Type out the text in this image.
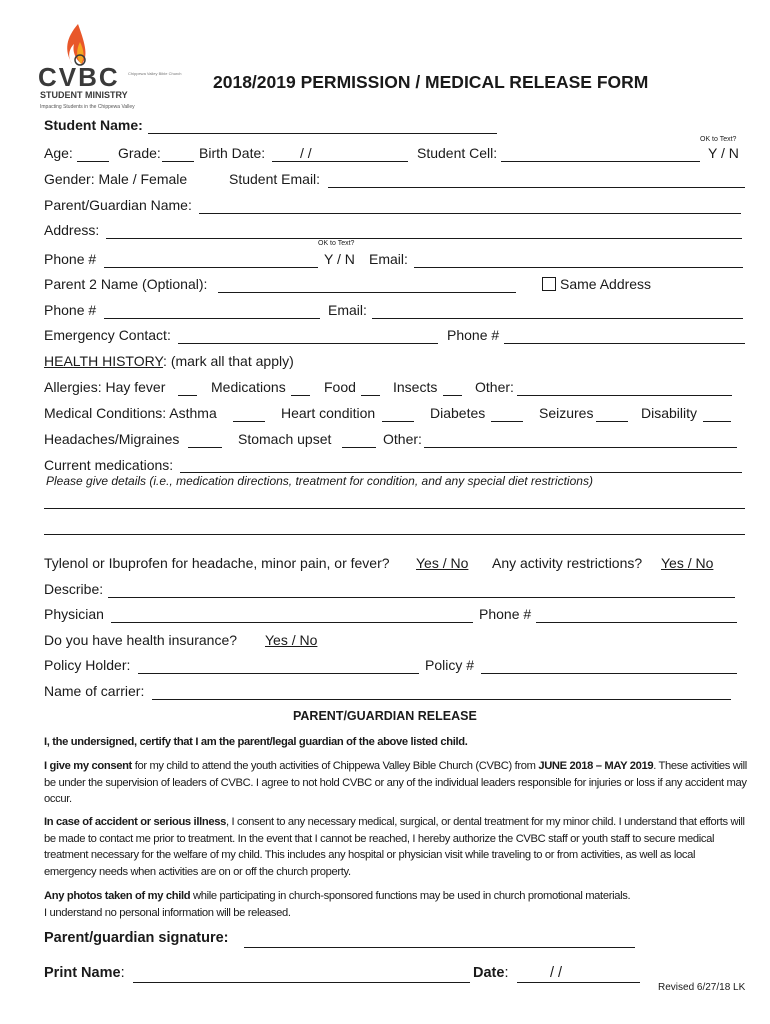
CVBC Chippewa Valley Bible Church
STUDENT MINISTRY
Impacting Students in the Chippewa Valley
2018/2019 PERMISSION / MEDICAL RELEASE FORM
Student Name:
OK to Text?
Age:	Grade:	Birth Date: / /	Student Cell:	Y / N
Gender: Male / Female	Student Email:
Parent/Guardian Name:
Address:
OK to Text?
Phone #	Y / N Email:
Parent 2 Name (Optional):	Same Address
Phone #	Email:
Emergency Contact:	Phone #
HEALTH HISTORY: (mark all that apply)
Allergies: Hay fever	Medications	Food	Insects	Other:
Medical Conditions: Asthma	Heart condition	Diabetes	Seizures	Disability
Headaches/Migraines	Stomach upset	Other:
Current medications:
Please give details (i.e., medication directions, treatment for condition, and any special diet restrictions)
Tylenol or Ibuprofen for headache, minor pain, or fever? Yes / No Any activity restrictions? Yes / No
Describe:
Physician	Phone #
Do you have health insurance? Yes / No
Policy Holder:	Policy #
Name of carrier:
PARENT/GUARDIAN RELEASE
I, the undersigned, certify that I am the parent/legal guardian of the above listed child.
I give my consent for my child to attend the youth activities of Chippewa Valley Bible Church (CVBC) from JUNE 2018 – MAY 2019. These activities will be under the supervision of leaders of CVBC. I agree to not hold CVBC or any of the individual leaders responsible for injuries or loss if any accident may occur.
In case of accident or serious illness, I consent to any necessary medical, surgical, or dental treatment for my minor child. I understand that efforts will be made to contact me prior to treatment. In the event that I cannot be reached, I hereby authorize the CVBC staff or youth staff to secure medical treatment necessary for the welfare of my child. This includes any hospital or physician visit while traveling to or from activities, as well as local emergency needs when activities are on or off the church property.
Any photos taken of my child while participating in church-sponsored functions may be used in church promotional materials.
I understand no personal information will be released.
Parent/guardian signature:
Print Name:	Date:	/ /
Revised 6/27/18 LK
